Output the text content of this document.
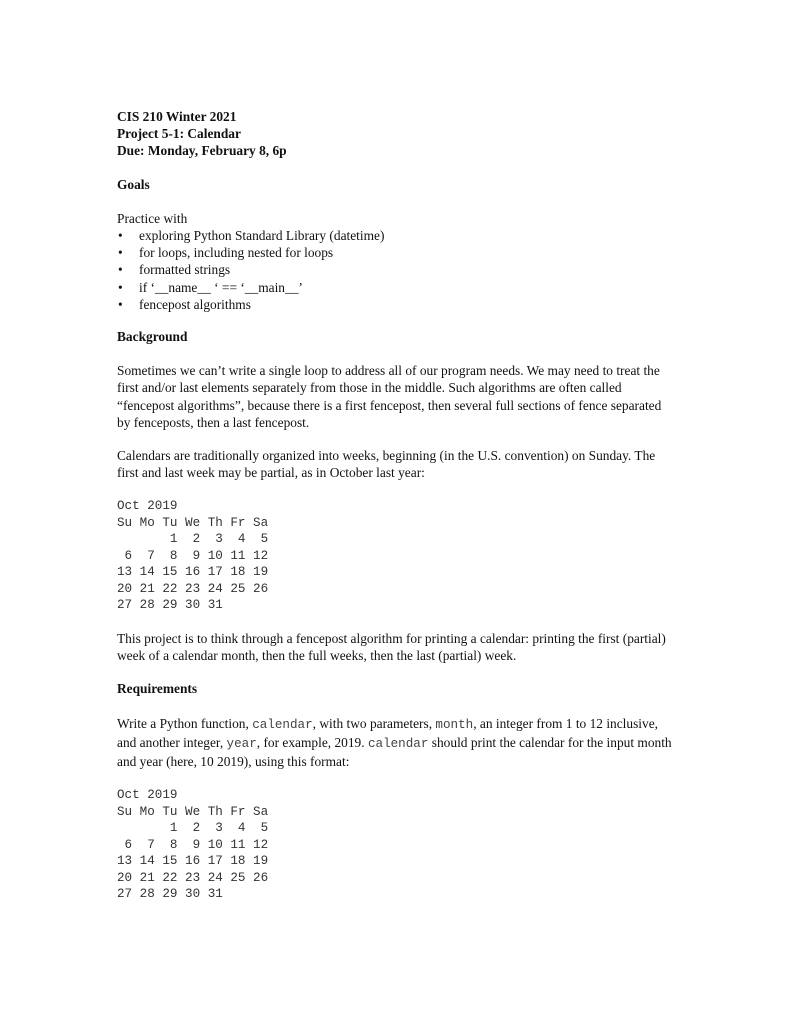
CIS 210 Winter 2021

Project 5-1: Calendar

Due: Monday, February 8, 6p

Goals

Practice with

• exploring Python Standard Library (datetime)
• for loops, including nested for loops
• formatted strings
• if ‘__name__ ‘ == ‘__main__’
• fencepost algorithms

Background

Sometimes we can’t write a single loop to address all of our program needs. We may need to treat the first and/or last elements separately from those in the middle. Such algorithms are often called “fencepost algorithms”, because there is a first fencepost, then several full sections of fence separated by fenceposts, then a last fencepost.

Calendars are traditionally organized into weeks, beginning (in the U.S. convention) on Sunday. The first and last week may be partial, as in October last year:

Oct 2019
Su Mo Tu We Th Fr Sa
1  2  3  4  5
6  7  8  9 10 11 12
13 14 15 16 17 18 19
20 21 22 23 24 25 26
27 28 29 30 31

This project is to think through a fencepost algorithm for printing a calendar: printing the first (partial) week of a calendar month, then the full weeks, then the last (partial) week.

Requirements

Write a Python function, calendar, with two parameters, month, an integer from 1 to 12 inclusive, and another integer, year, for example, 2019. calendar should print the calendar for the input month and year (here, 10 2019), using this format:

Oct 2019
Su Mo Tu We Th Fr Sa
1  2  3  4  5
6  7  8  9 10 11 12
13 14 15 16 17 18 19
20 21 22 23 24 25 26
27 28 29 30 31
